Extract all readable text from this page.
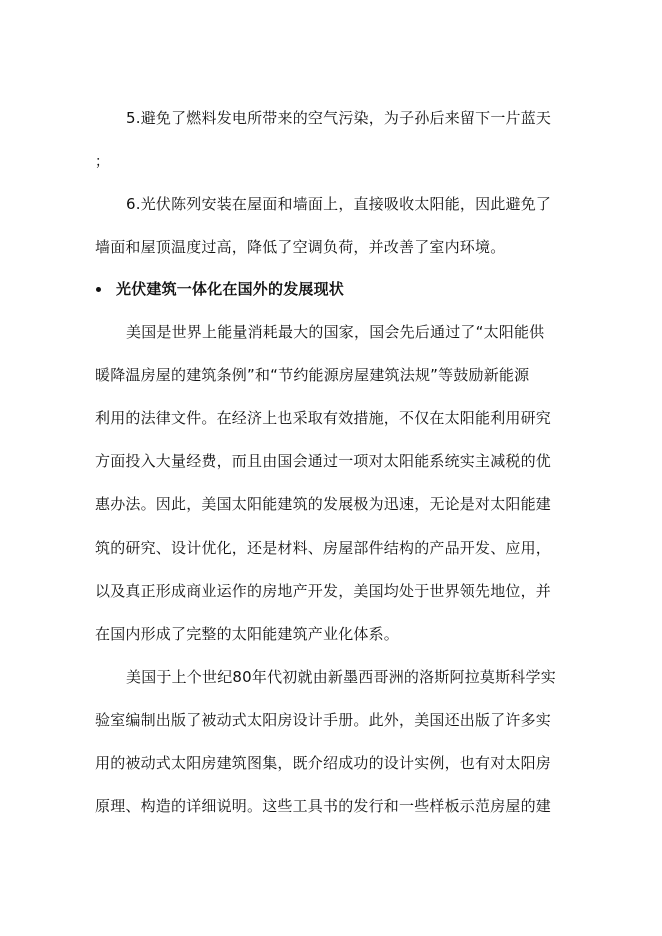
5.避免了燃料发电所带来的空气污染，为子孙后来留下一片蓝天
；
6.光伏陈列安装在屋面和墙面上，直接吸收太阳能，因此避免了
墙面和屋顶温度过高，降低了空调负荷，并改善了室内环境。
光伏建筑一体化在国外的发展现状
美国是世界上能量消耗最大的国家，国会先后通过了“太阳能供
暖降温房屋的建筑条例”和“节约能源房屋建筑法规”等鼓励新能源
利用的法律文件。在经济上也采取有效措施，不仅在太阳能利用研究
方面投入大量经费，而且由国会通过一项对太阳能系统实主减税的优
惠办法。因此，美国太阳能建筑的发展极为迅速，无论是对太阳能建
筑的研究、设计优化，还是材料、房屋部件结构的产品开发、应用，
以及真正形成商业运作的房地产开发，美国均处于世界领先地位，并
在国内形成了完整的太阳能建筑产业化体系。
美国于上个世纪80年代初就由新墨西哥洲的洛斯阿拉莫斯科学实
验室编制出版了被动式太阳房设计手册。此外，美国还出版了许多实
用的被动式太阳房建筑图集，既介绍成功的设计实例，也有对太阳房
原理、构造的详细说明。这些工具书的发行和一些样板示范房屋的建
